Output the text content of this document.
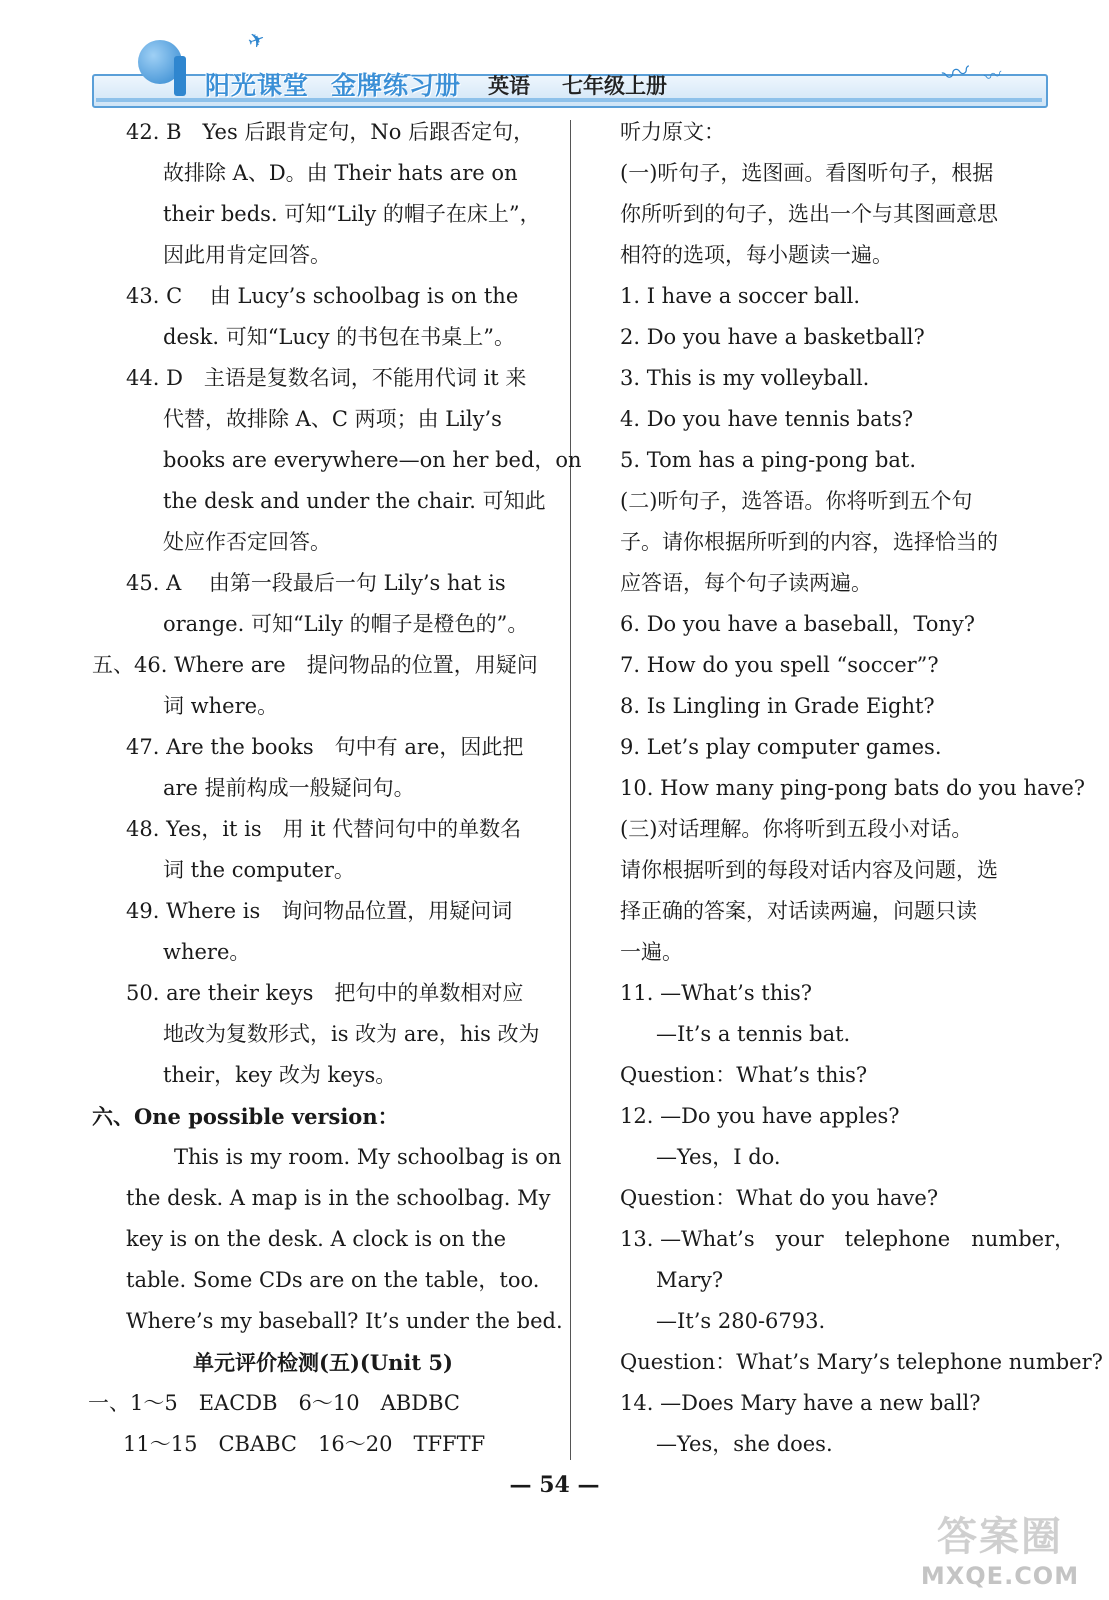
✈
〰 〰
阳光课堂 金牌练习册 英语 七年级上册
42. B　Yes 后跟肯定句，No 后跟否定句，
故排除 A、D。由 Their hats are on
their beds. 可知“Lily 的帽子在床上”，
因此用肯定回答。
43. C　 由 Lucy’s schoolbag is on the
desk. 可知“Lucy 的书包在书桌上”。
44. D　主语是复数名词，不能用代词 it 来
代替，故排除 A、C 两项；由 Lily’s
books are everywhere—on her bed，on
the desk and under the chair. 可知此
处应作否定回答。
45. A　 由第一段最后一句 Lily’s hat is
orange. 可知“Lily 的帽子是橙色的”。
五、46. Where are　提问物品的位置，用疑问
词 where。
47. Are the books　句中有 are，因此把
are 提前构成一般疑问句。
48. Yes，it is　用 it 代替问句中的单数名
词 the computer。
49. Where is　询问物品位置，用疑问词
where。
50. are their keys　把句中的单数相对应
地改为复数形式，is 改为 are，his 改为
their，key 改为 keys。
六、One possible version：
This is my room. My schoolbag is on
the desk. A map is in the schoolbag. My
key is on the desk. A clock is on the
table. Some CDs are on the table，too.
Where’s my baseball? It’s under the bed.
单元评价检测(五)(Unit 5)
一、1～5　EACDB　6～10　ABDBC
11～15　CBABC　16～20　TFFTF
听力原文：
(一)听句子，选图画。看图听句子，根据
你所听到的句子，选出一个与其图画意思
相符的选项，每小题读一遍。
1. I have a soccer ball.
2. Do you have a basketball?
3. This is my volleyball.
4. Do you have tennis bats?
5. Tom has a ping-pong bat.
(二)听句子，选答语。你将听到五个句
子。请你根据所听到的内容，选择恰当的
应答语，每个句子读两遍。
6. Do you have a baseball，Tony?
7. How do you spell “soccer”?
8. Is Lingling in Grade Eight?
9. Let’s play computer games.
10. How many ping-pong bats do you have?
(三)对话理解。你将听到五段小对话。
请你根据听到的每段对话内容及问题，选
择正确的答案，对话读两遍，问题只读
一遍。
11. —What’s this?
—It’s a tennis bat.
Question：What’s this?
12. —Do you have apples?
—Yes，I do.
Question：What do you have?
13. —What’s　your　telephone　number，
Mary?
—It’s 280-6793.
Question：What’s Mary’s telephone number?
14. —Does Mary have a new ball?
—Yes，she does.
— 54 —
答案圈
MXQE.COM
